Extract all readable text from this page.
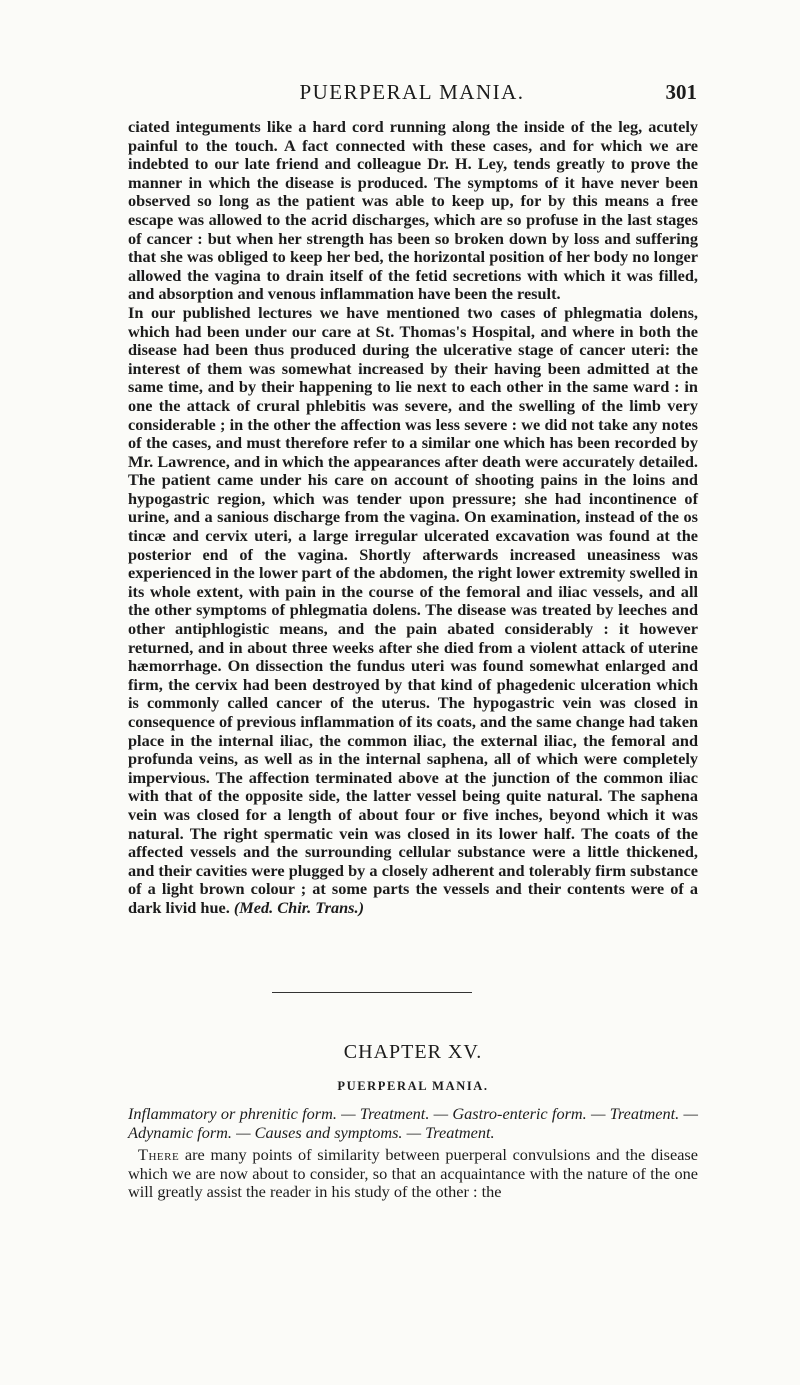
PUERPERAL MANIA.	301

ciated integuments like a hard cord running along the inside of the leg, acutely painful to the touch. A fact connected with these cases, and for which we are indebted to our late friend and colleague Dr. H. Ley, tends greatly to prove the manner in which the disease is produced. The symptoms of it have never been observed so long as the patient was able to keep up, for by this means a free escape was allowed to the acrid discharges, which are so profuse in the last stages of cancer : but when her strength has been so broken down by loss and suffering that she was obliged to keep her bed, the horizontal position of her body no longer allowed the vagina to drain itself of the fetid secretions with which it was filled, and absorption and venous inflammation have been the result.

In our published lectures we have mentioned two cases of phlegmatia dolens, which had been under our care at St. Thomas's Hospital, and where in both the disease had been thus produced during the ulcerative stage of cancer uteri: the interest of them was somewhat increased by their having been admitted at the same time, and by their happening to lie next to each other in the same ward : in one the attack of crural phlebitis was severe, and the swelling of the limb very considerable ; in the other the affection was less severe : we did not take any notes of the cases, and must therefore refer to a similar one which has been recorded by Mr. Lawrence, and in which the appearances after death were accurately detailed. The patient came under his care on account of shooting pains in the loins and hypogastric region, which was tender upon pressure; she had incontinence of urine, and a sanious discharge from the vagina. On examination, instead of the os tincæ and cervix uteri, a large irregular ulcerated excavation was found at the posterior end of the vagina. Shortly afterwards increased uneasiness was experienced in the lower part of the abdomen, the right lower extremity swelled in its whole extent, with pain in the course of the femoral and iliac vessels, and all the other symptoms of phlegmatia dolens. The disease was treated by leeches and other antiphlogistic means, and the pain abated considerably : it however returned, and in about three weeks after she died from a violent attack of uterine hæmorrhage. On dissection the fundus uteri was found somewhat enlarged and firm, the cervix had been destroyed by that kind of phagedenic ulceration which is commonly called cancer of the uterus. The hypogastric vein was closed in consequence of previous inflammation of its coats, and the same change had taken place in the internal iliac, the common iliac, the external iliac, the femoral and profunda veins, as well as in the internal saphena, all of which were completely impervious. The affection terminated above at the junction of the common iliac with that of the opposite side, the latter vessel being quite natural. The saphena vein was closed for a length of about four or five inches, beyond which it was natural. The right spermatic vein was closed in its lower half. The coats of the affected vessels and the surrounding cellular substance were a little thickened, and their cavities were plugged by a closely adherent and tolerably firm substance of a light brown colour ; at some parts the vessels and their contents were of a dark livid hue. (Med. Chir. Trans.)

CHAPTER XV.
PUERPERAL MANIA.
Inflammatory or phrenitic form. — Treatment. — Gastro-enteric form. — Treatment. — Adynamic form. — Causes and symptoms. — Treatment.

There are many points of similarity between puerperal convulsions and the disease which we are now about to consider, so that an acquaintance with the nature of the one will greatly assist the reader in his study of the other : the
